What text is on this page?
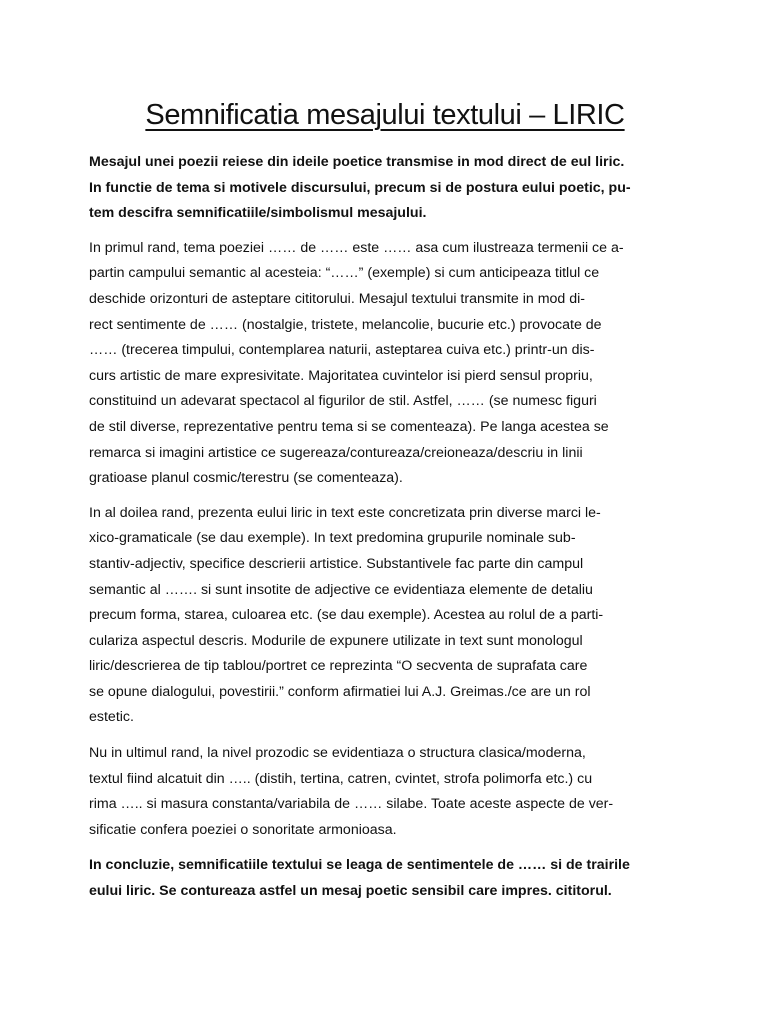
Semnificatia mesajului textului – LIRIC

Mesajul unei poezii reiese din ideile poetice transmise in mod direct de eul liric.
In functie de tema si motivele discursului, precum si de postura eului poetic, pu-
tem descifra semnificatiile/simbolismul mesajului.

In primul rand, tema poeziei …… de …… este …… asa cum ilustreaza termenii ce a-
partin campului semantic al acesteia: “……” (exemple) si cum anticipeaza titlul ce
deschide orizonturi de asteptare cititorului. Mesajul textului transmite in mod di-
rect sentimente de …… (nostalgie, tristete, melancolie, bucurie etc.) provocate de
…… (trecerea timpului, contemplarea naturii, asteptarea cuiva etc.) printr-un dis-
curs artistic de mare expresivitate. Majoritatea cuvintelor isi pierd sensul propriu,
constituind un adevarat spectacol al figurilor de stil. Astfel, …… (se numesc figuri
de stil diverse, reprezentative pentru tema si se comenteaza). Pe langa acestea se
remarca si imagini artistice ce sugereaza/contureaza/creioneaza/descriu in linii
gratioase planul cosmic/terestru (se comenteaza).

In al doilea rand, prezenta eului liric in text este concretizata prin diverse marci le-
xico-gramaticale (se dau exemple). In text predomina grupurile nominale sub-
stantiv-adjectiv, specifice descrierii artistice. Substantivele fac parte din campul
semantic al ……. si sunt insotite de adjective ce evidentiaza elemente de detaliu
precum forma, starea, culoarea etc. (se dau exemple). Acestea au rolul de a parti-
culariza aspectul descris. Modurile de expunere utilizate in text sunt monologul
liric/descrierea de tip tablou/portret ce reprezinta “O secventa de suprafata care
se opune dialogului, povestirii.” conform afirmatiei lui A.J. Greimas./ce are un rol
estetic.

Nu in ultimul rand, la nivel prozodic se evidentiaza o structura clasica/moderna,
textul fiind alcatuit din ….. (distih, tertina, catren, cvintet, strofa polimorfa etc.) cu
rima ….. si masura constanta/variabila de …… silabe. Toate aceste aspecte de ver-
sificatie confera poeziei o sonoritate armonioasa.

In concluzie, semnificatiile textului se leaga de sentimentele de …… si de trairile
eului liric. Se contureaza astfel un mesaj poetic sensibil care impres. cititorul.
